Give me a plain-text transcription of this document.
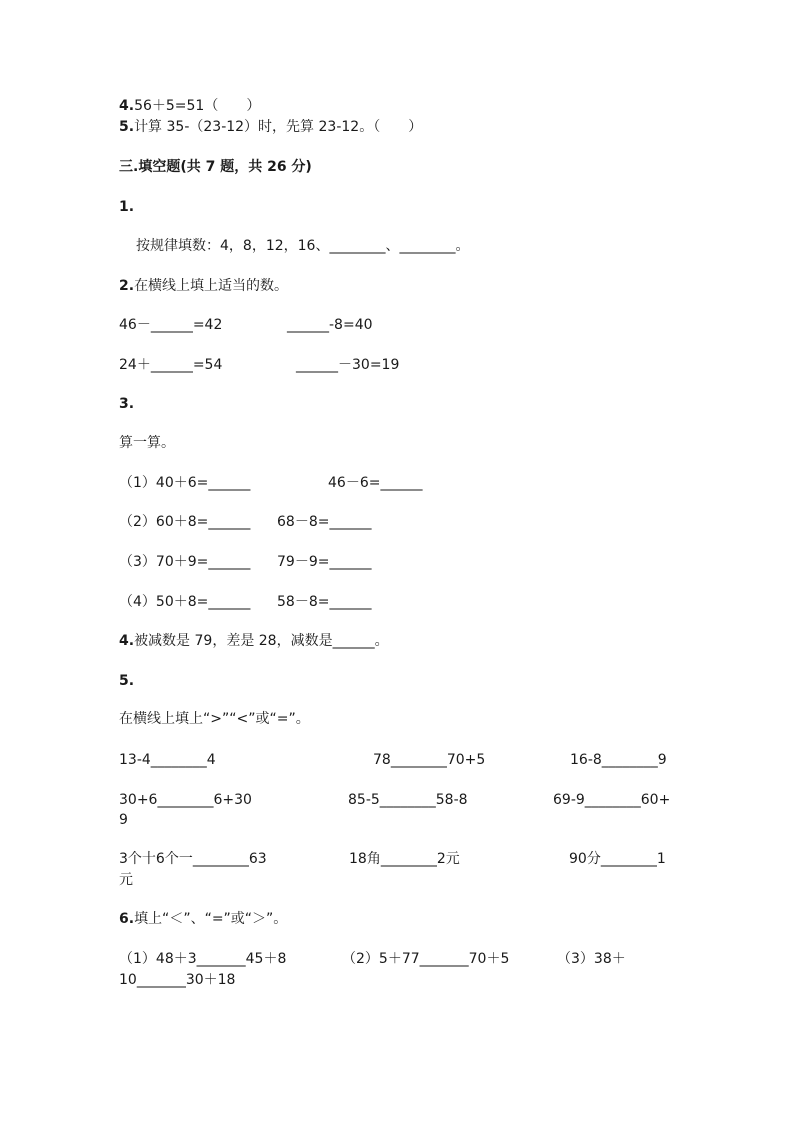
4.56＋5=51（　　）
5.计算 35-（23-12）时，先算 23-12。（　　）
三.填空题(共 7 题，共 26 分)
1.
按规律填数：4，8，12，16、________、________。
2.在横线上填上适当的数。
46－______=42	______-8=40
24＋______=54	______－30=19
3.
算一算。
（1）40＋6=______	46－6=______
（2）60＋8=______ 68－8=______
（3）70＋9=______ 79－9=______
（4）50＋8=______ 58－8=______
4.被减数是 79，差是 28，减数是______。
5.
在横线上填上“>”“<”或“=”。
13-4________4	78________70+5	16-8________9
30+6________6+30	85-5________58-8	69-9________60+
9
3个十6个一________63	18角________2元	90分________1
元
6.填上“＜”、“=”或“＞”。
（1）48＋3_______45＋8	（2）5＋77_______70＋5	（3）38＋
10_______30＋18
